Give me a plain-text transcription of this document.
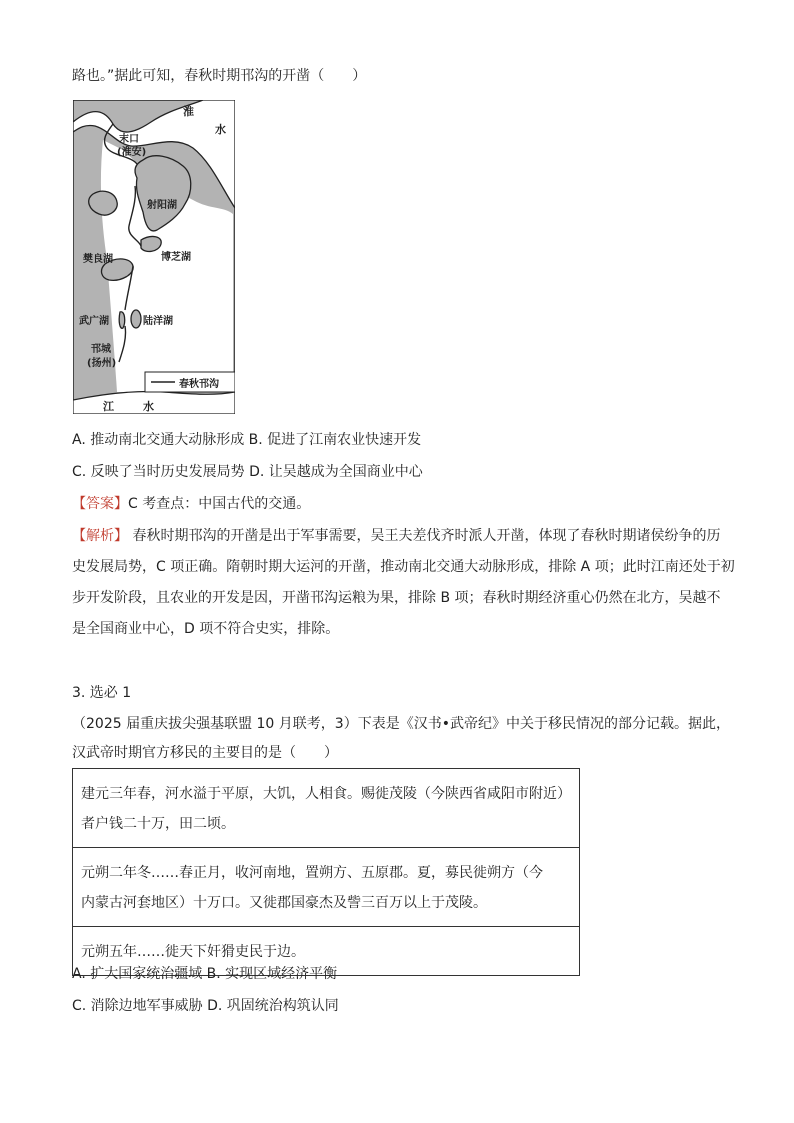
路也。”据此可知，春秋时期邗沟的开凿（　　）
春秋邗沟
淮
水
末口
(淮安)
射阳湖
樊良湖	博芝湖
武广湖	陆洋湖
邗城
(扬州)
江	水
A. 推动南北交通大动脉形成 B. 促进了江南农业快速开发
C. 反映了当时历史发展局势 D. 让吴越成为全国商业中心
【答案】C 考查点：中国古代的交通。
【解析】 春秋时期邗沟的开凿是出于军事需要，吴王夫差伐齐时派人开凿，体现了春秋时期诸侯纷争的历
史发展局势，C 项正确。隋朝时期大运河的开凿，推动南北交通大动脉形成，排除 A 项；此时江南还处于初
步开发阶段，且农业的开发是因，开凿邗沟运粮为果，排除 B 项；春秋时期经济重心仍然在北方，吴越不
是全国商业中心，D 项不符合史实，排除。
3. 选必 1
（2025 届重庆拔尖强基联盟 10 月联考，3）下表是《汉书•武帝纪》中关于移民情况的部分记载。据此，
汉武帝时期官方移民的主要目的是（　　）
建元三年春，河水溢于平原，大饥，人相食。赐徙茂陵（今陕西省咸阳市附近）
者户钱二十万，田二顷。
元朔二年冬……春正月，收河南地，置朔方、五原郡。夏，募民徙朔方（今
内蒙古河套地区）十万口。又徙郡国豪杰及訾三百万以上于茂陵。
元朔五年……徙天下奸猾吏民于边。
A. 扩大国家统治疆域 B. 实现区域经济平衡
C. 消除边地军事威胁 D. 巩固统治构筑认同
